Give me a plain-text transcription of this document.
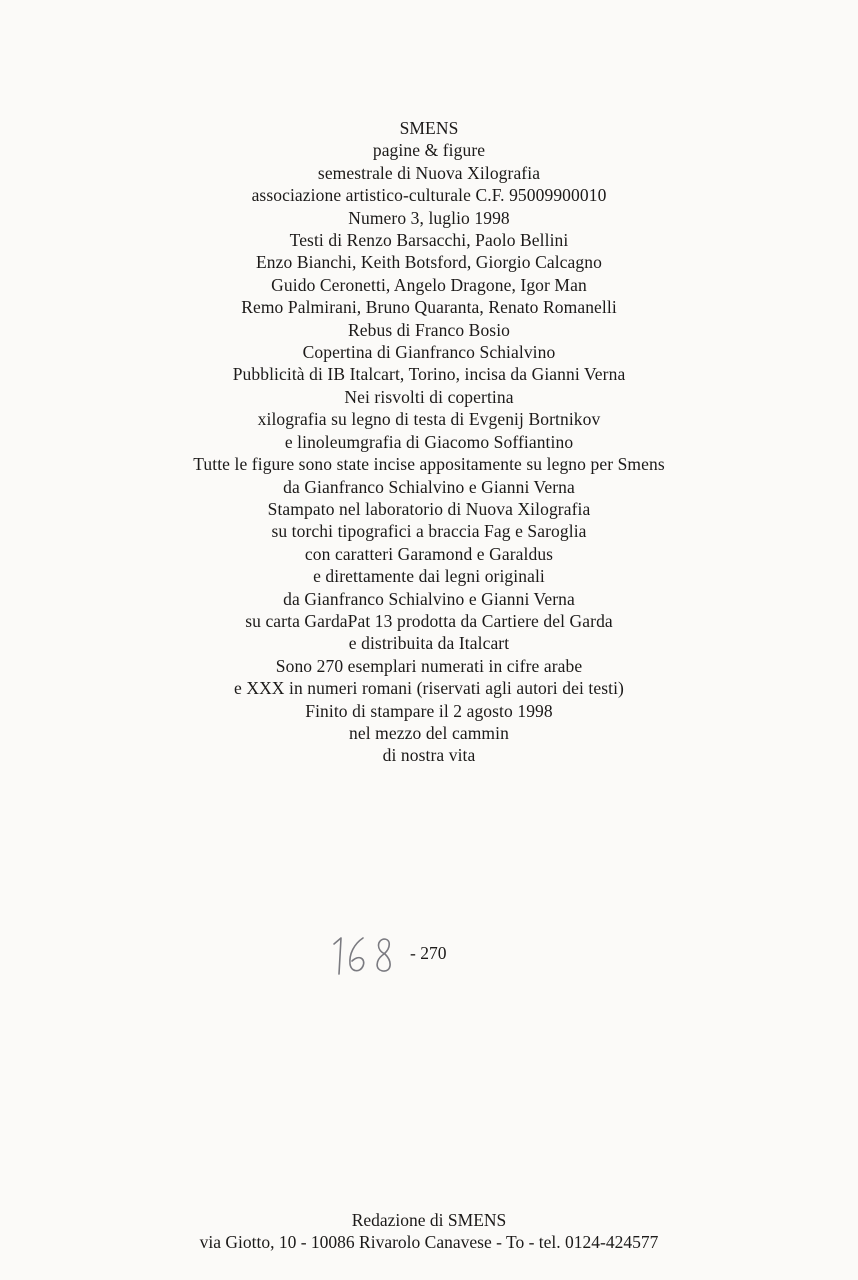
SMENS
pagine & figure
semestrale di Nuova Xilografia
associazione artistico-culturale C.F. 95009900010
Numero 3, luglio 1998
Testi di Renzo Barsacchi, Paolo Bellini
Enzo Bianchi, Keith Botsford, Giorgio Calcagno
Guido Ceronetti, Angelo Dragone, Igor Man
Remo Palmirani, Bruno Quaranta, Renato Romanelli
Rebus di Franco Bosio
Copertina di Gianfranco Schialvino
Pubblicità di IB Italcart, Torino, incisa da Gianni Verna
Nei risvolti di copertina
xilografia su legno di testa di Evgenij Bortnikov
e linoleumgrafia di Giacomo Soffiantino
Tutte le figure sono state incise appositamente su legno per Smens
da Gianfranco Schialvino e Gianni Verna
Stampato nel laboratorio di Nuova Xilografia
su torchi tipografici a braccia Fag e Saroglia
con caratteri Garamond e Garaldus
e direttamente dai legni originali
da Gianfranco Schialvino e Gianni Verna
su carta GardaPat 13 prodotta da Cartiere del Garda
e distribuita da Italcart
Sono 270 esemplari numerati in cifre arabe
e XXX in numeri romani (riservati agli autori dei testi)
Finito di stampare il 2 agosto 1998
nel mezzo del cammin
di nostra vita
- 270
Redazione di SMENS
via Giotto, 10 - 10086 Rivarolo Canavese - To - tel. 0124-424577
